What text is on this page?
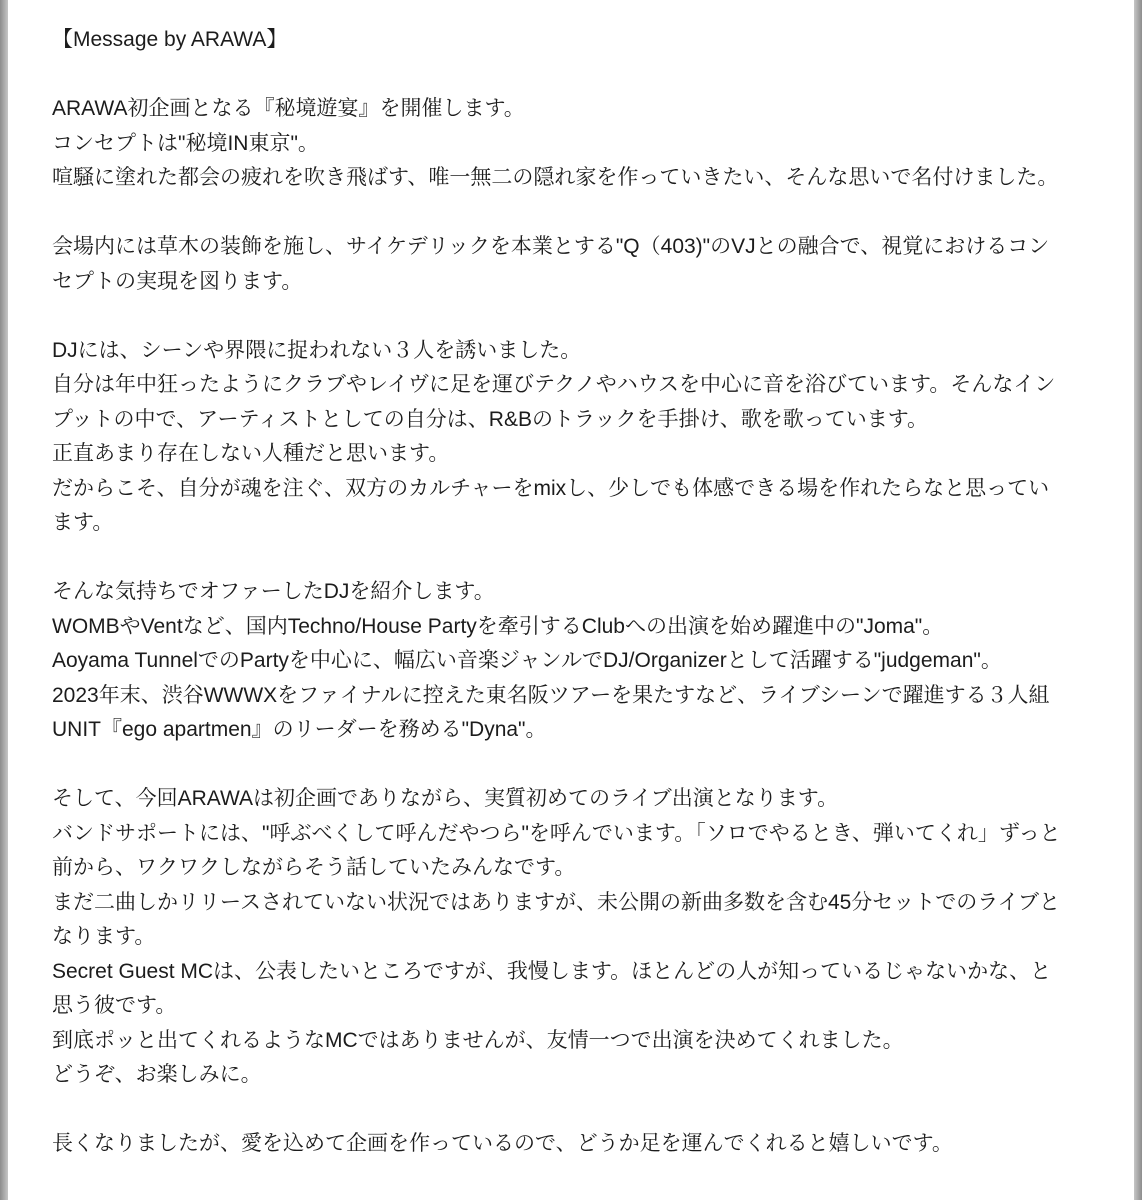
【Message by ARAWA】
ARAWA初企画となる『秘境遊宴』を開催します。
コンセプトは"秘境IN東京"。
喧騒に塗れた都会の疲れを吹き飛ばす、唯一無二の隠れ家を作っていきたい、そんな思いで名付けました。
会場内には草木の装飾を施し、サイケデリックを本業とする"Q（403)"のVJとの融合で、視覚におけるコン
セプトの実現を図ります。
DJには、シーンや界隈に捉われない３人を誘いました。
自分は年中狂ったようにクラブやレイヴに足を運びテクノやハウスを中心に音を浴びています。そんなイン
プットの中で、アーティストとしての自分は、R&Bのトラックを手掛け、歌を歌っています。
正直あまり存在しない人種だと思います。
だからこそ、自分が魂を注ぐ、双方のカルチャーをmixし、少しでも体感できる場を作れたらなと思ってい
ます。
そんな気持ちでオファーしたDJを紹介します。
WOMBやVentなど、国内Techno/House Partyを牽引するClubへの出演を始め躍進中の"Joma"。
Aoyama TunnelでのPartyを中心に、幅広い音楽ジャンルでDJ/Organizerとして活躍する"judgeman"。
2023年末、渋谷WWWXをファイナルに控えた東名阪ツアーを果たすなど、ライブシーンで躍進する３人組
UNIT『ego apartmen』のリーダーを務める"Dyna"。
そして、今回ARAWAは初企画でありながら、実質初めてのライブ出演となります。
バンドサポートには、"呼ぶべくして呼んだやつら"を呼んでいます。「ソロでやるとき、弾いてくれ」ずっと
前から、ワクワクしながらそう話していたみんなです。
まだ二曲しかリリースされていない状況ではありますが、未公開の新曲多数を含む45分セットでのライブと
なります。
Secret Guest MCは、公表したいところですが、我慢します。ほとんどの人が知っているじゃないかな、と
思う彼です。
到底ポッと出てくれるようなMCではありませんが、友情一つで出演を決めてくれました。
どうぞ、お楽しみに。
長くなりましたが、愛を込めて企画を作っているので、どうか足を運んでくれると嬉しいです。
